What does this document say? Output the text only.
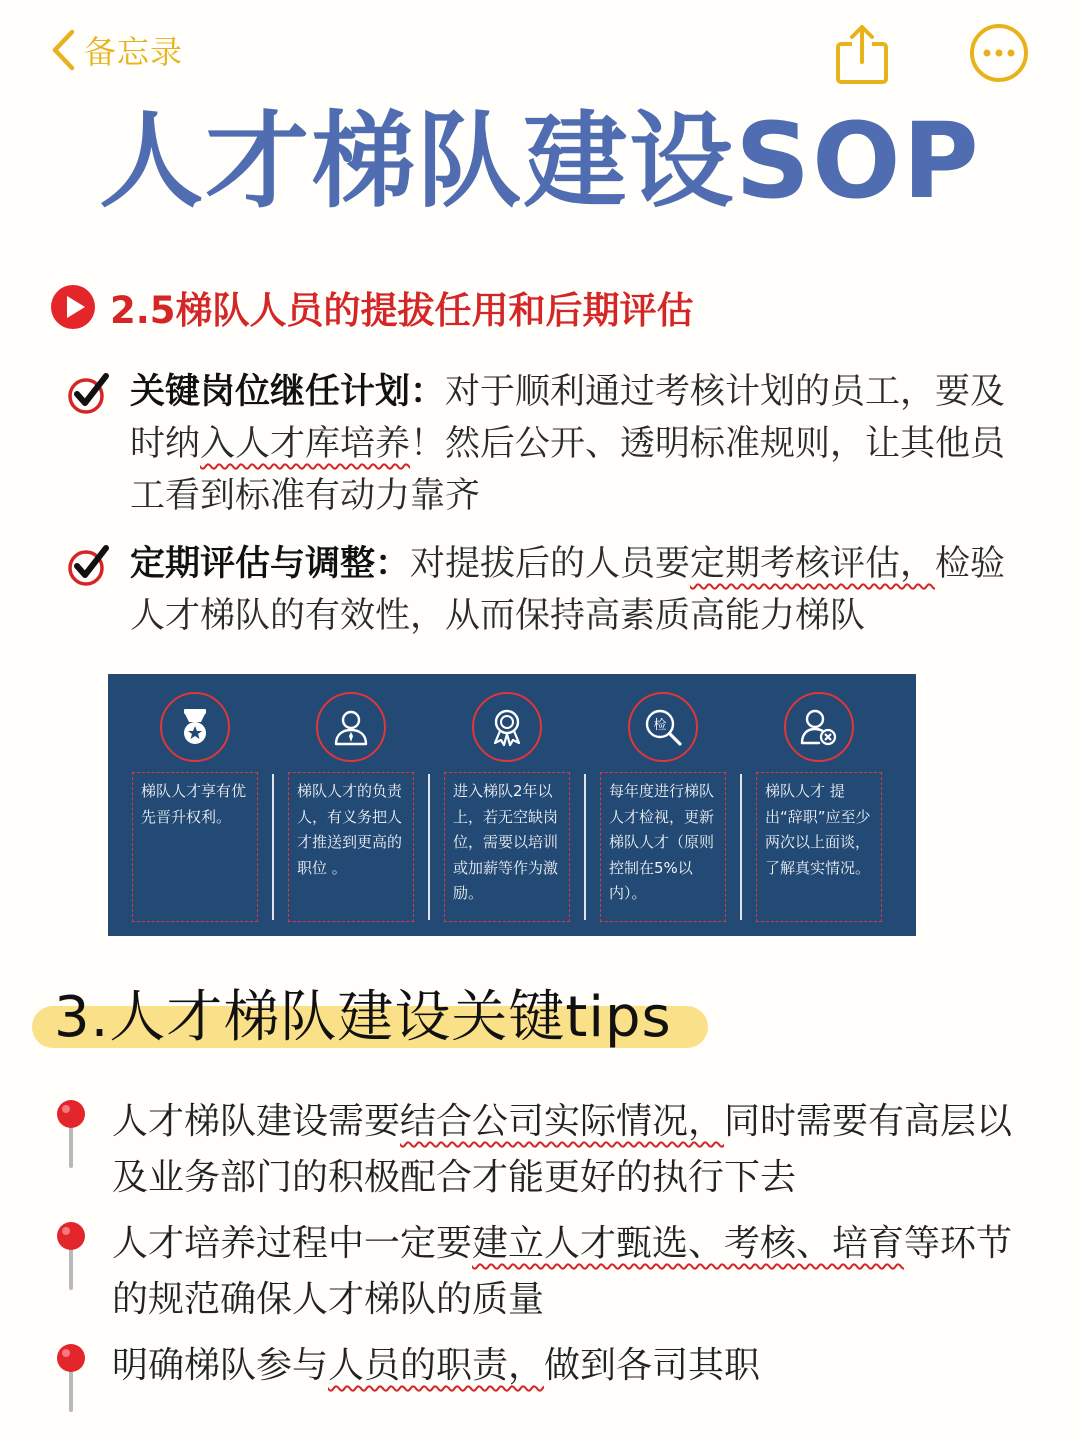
备忘录
人才梯队建设SOP
2.5梯队人员的提拔任用和后期评估
关键岗位继任计划：对于顺利通过考核计划的员工，要及时纳入人才库培养！然后公开、透明标准规则，让其他员工看到标准有动力靠齐
定期评估与调整：对提拔后的人员要定期考核评估，检验人才梯队的有效性，从而保持高素质高能力梯队
梯队人才享有优先晋升权利。
梯队人才的负责人，有义务把人才推送到更高的职位 。
进入梯队2年以上，若无空缺岗位，需要以培训或加薪等作为激励。
检
每年度进行梯队人才检视，更新梯队人才（原则控制在5%以内）。
梯队人才 提出“辞职”应至少两次以上面谈，了解真实情况。
3.人才梯队建设关键tips
人才梯队建设需要结合公司实际情况，同时需要有高层以及业务部门的积极配合才能更好的执行下去
人才培养过程中一定要建立人才甄选、考核、培育等环节的规范确保人才梯队的质量
明确梯队参与人员的职责，做到各司其职
